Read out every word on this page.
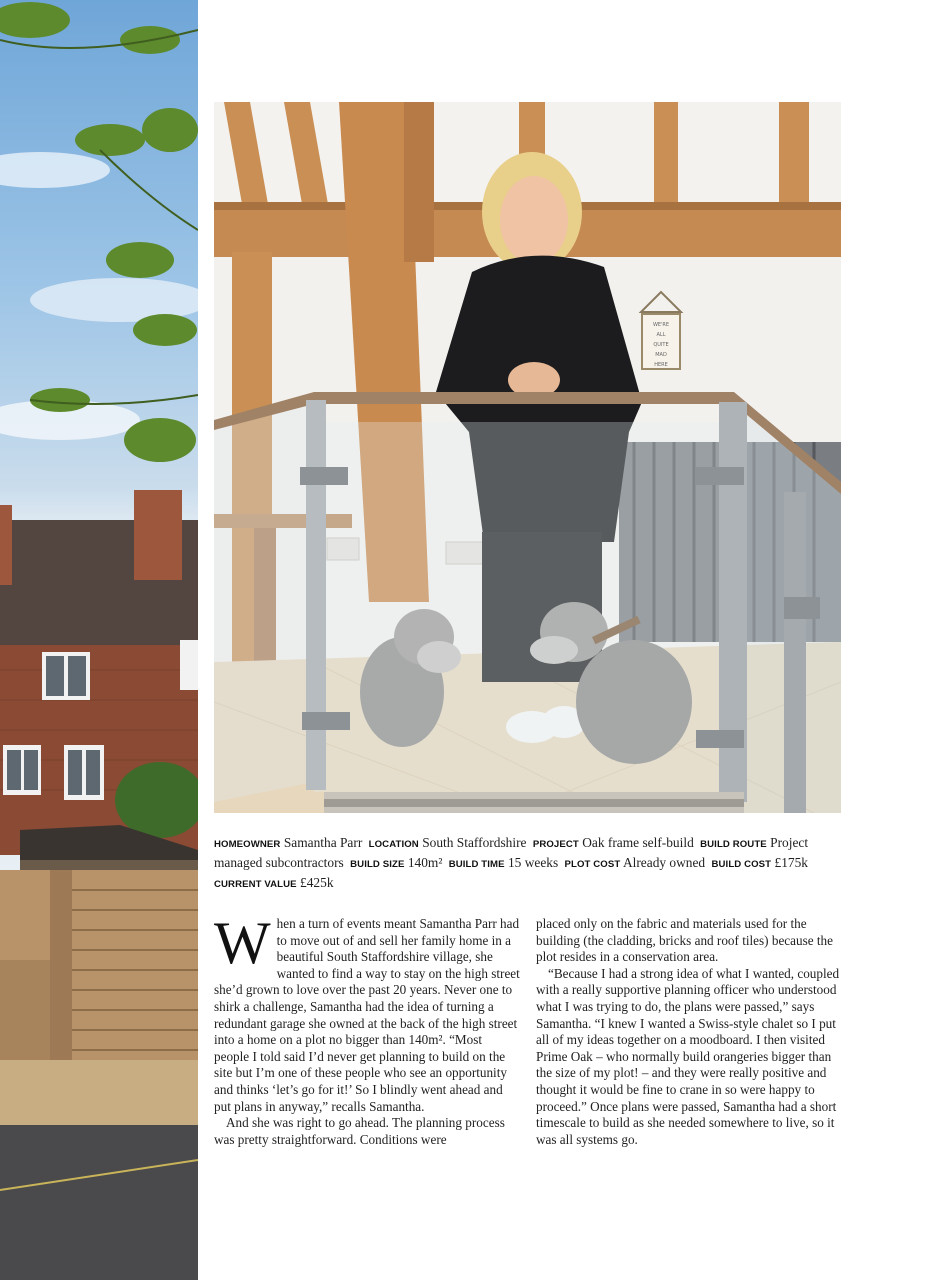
WE'RE
ALL
QUITE
MAD
HERE
HOMEOWNER Samantha Parr LOCATION South Staffordshire PROJECT Oak frame self-build BUILD ROUTE Project managed subcontractors BUILD SIZE 140m² BUILD TIME 15 weeks PLOT COST Already owned BUILD COST £175k CURRENT VALUE £425k

When a turn of events meant Samantha Parr had to move out of and sell her family home in a beautiful South Staffordshire village, she wanted to find a way to stay on the high street she’d grown to love over the past 20 years. Never one to shirk a challenge, Samantha had the idea of turning a redundant garage she owned at the back of the high street into a home on a plot no bigger than 140m². “Most people I told said I’d never get planning to build on the site but I’m one of these people who see an opportunity and thinks ‘let’s go for it!’ So I blindly went ahead and put plans in anyway,” recalls Samantha.

And she was right to go ahead. The planning process was pretty straightforward. Conditions were

placed only on the fabric and materials used for the building (the cladding, bricks and roof tiles) because the plot resides in a conservation area.

“Because I had a strong idea of what I wanted, coupled with a really supportive planning officer who understood what I was trying to do, the plans were passed,” says Samantha. “I knew I wanted a Swiss-style chalet so I put all of my ideas together on a moodboard. I then visited Prime Oak – who normally build orangeries bigger than the size of my plot! – and they were really positive and thought it would be fine to crane in so were happy to proceed.” Once plans were passed, Samantha had a short timescale to build as she needed somewhere to live, so it was all systems go.
